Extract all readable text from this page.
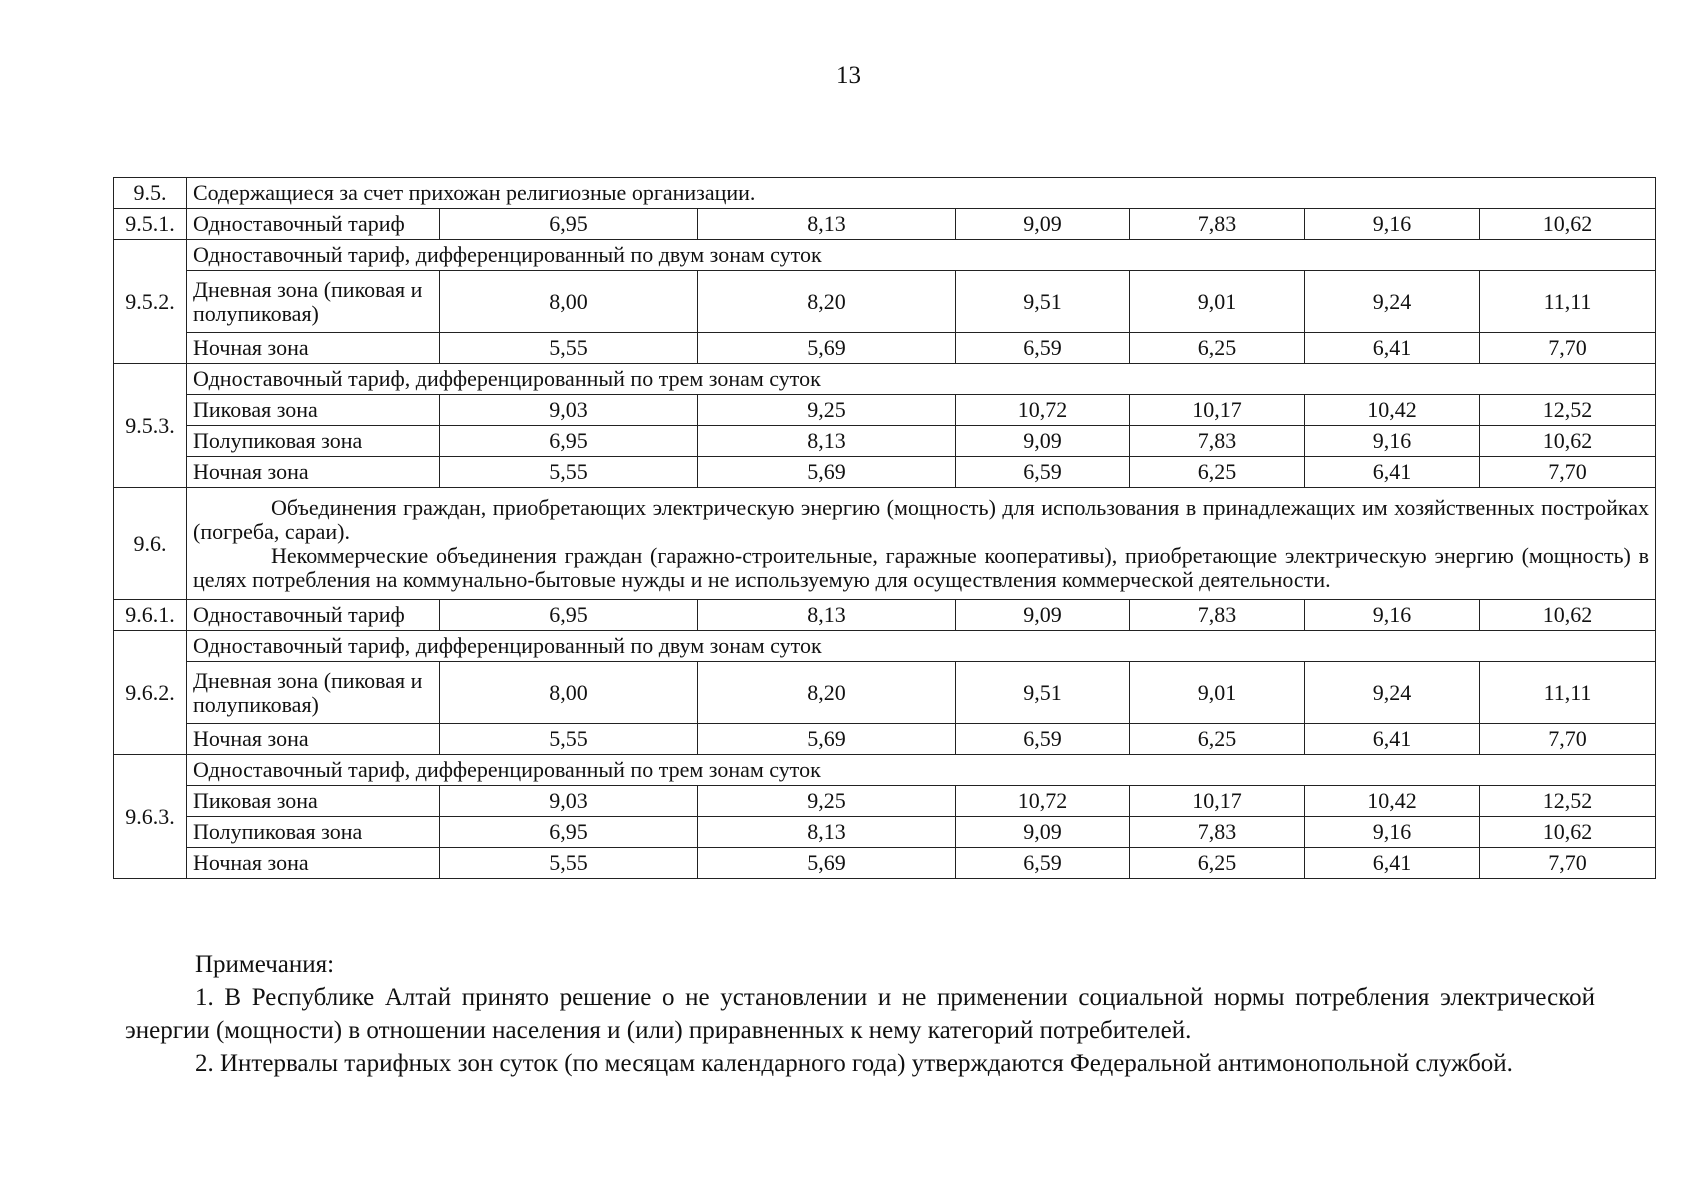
13
9.5.	Содержащиеся за счет прихожан религиозные организации.						
9.5.1.	Одноставочный тариф	6,95	8,13	9,09	7,83	9,16	10,62
9.5.2.	Одноставочный тариф, дифференцированный по двум зонам суток						
	Дневная зона (пиковая и полупиковая)	8,00	8,20	9,51	9,01	9,24	11,11
	Ночная зона	5,55	5,69	6,59	6,25	6,41	7,70
9.5.3.	Одноставочный тариф, дифференцированный по трем зонам суток						
	Пиковая зона	9,03	9,25	10,72	10,17	10,42	12,52
	Полупиковая зона	6,95	8,13	9,09	7,83	9,16	10,62
	Ночная зона	5,55	5,69	6,59	6,25	6,41	7,70
9.6.	Объединения граждан, приобретающих электрическую энергию (мощность) для использования в принадлежащих им хозяйственных постройках (погреба, сараи).

Некоммерческие объединения граждан (гаражно-строительные, гаражные кооперативы), приобретающие электрическую энергию (мощность) в целях потребления на коммунально-бытовые нужды и не используемую для осуществления коммерческой деятельности.						

9.6.1.	Одноставочный тариф	6,95	8,13	9,09	7,83	9,16	10,62
9.6.2.	Одноставочный тариф, дифференцированный по двум зонам суток						
	Дневная зона (пиковая и полупиковая)	8,00	8,20	9,51	9,01	9,24	11,11
	Ночная зона	5,55	5,69	6,59	6,25	6,41	7,70
9.6.3.	Одноставочный тариф, дифференцированный по трем зонам суток						
	Пиковая зона	9,03	9,25	10,72	10,17	10,42	12,52
	Полупиковая зона	6,95	8,13	9,09	7,83	9,16	10,62
	Ночная зона	5,55	5,69	6,59	6,25	6,41	7,70

Примечания:

1. В Республике Алтай принято решение о не установлении и не применении социальной нормы потребления электрической энергии (мощности) в отношении населения и (или) приравненных к нему категорий потребителей.

2. Интервалы тарифных зон суток (по месяцам календарного года) утверждаются Федеральной антимонопольной службой.
